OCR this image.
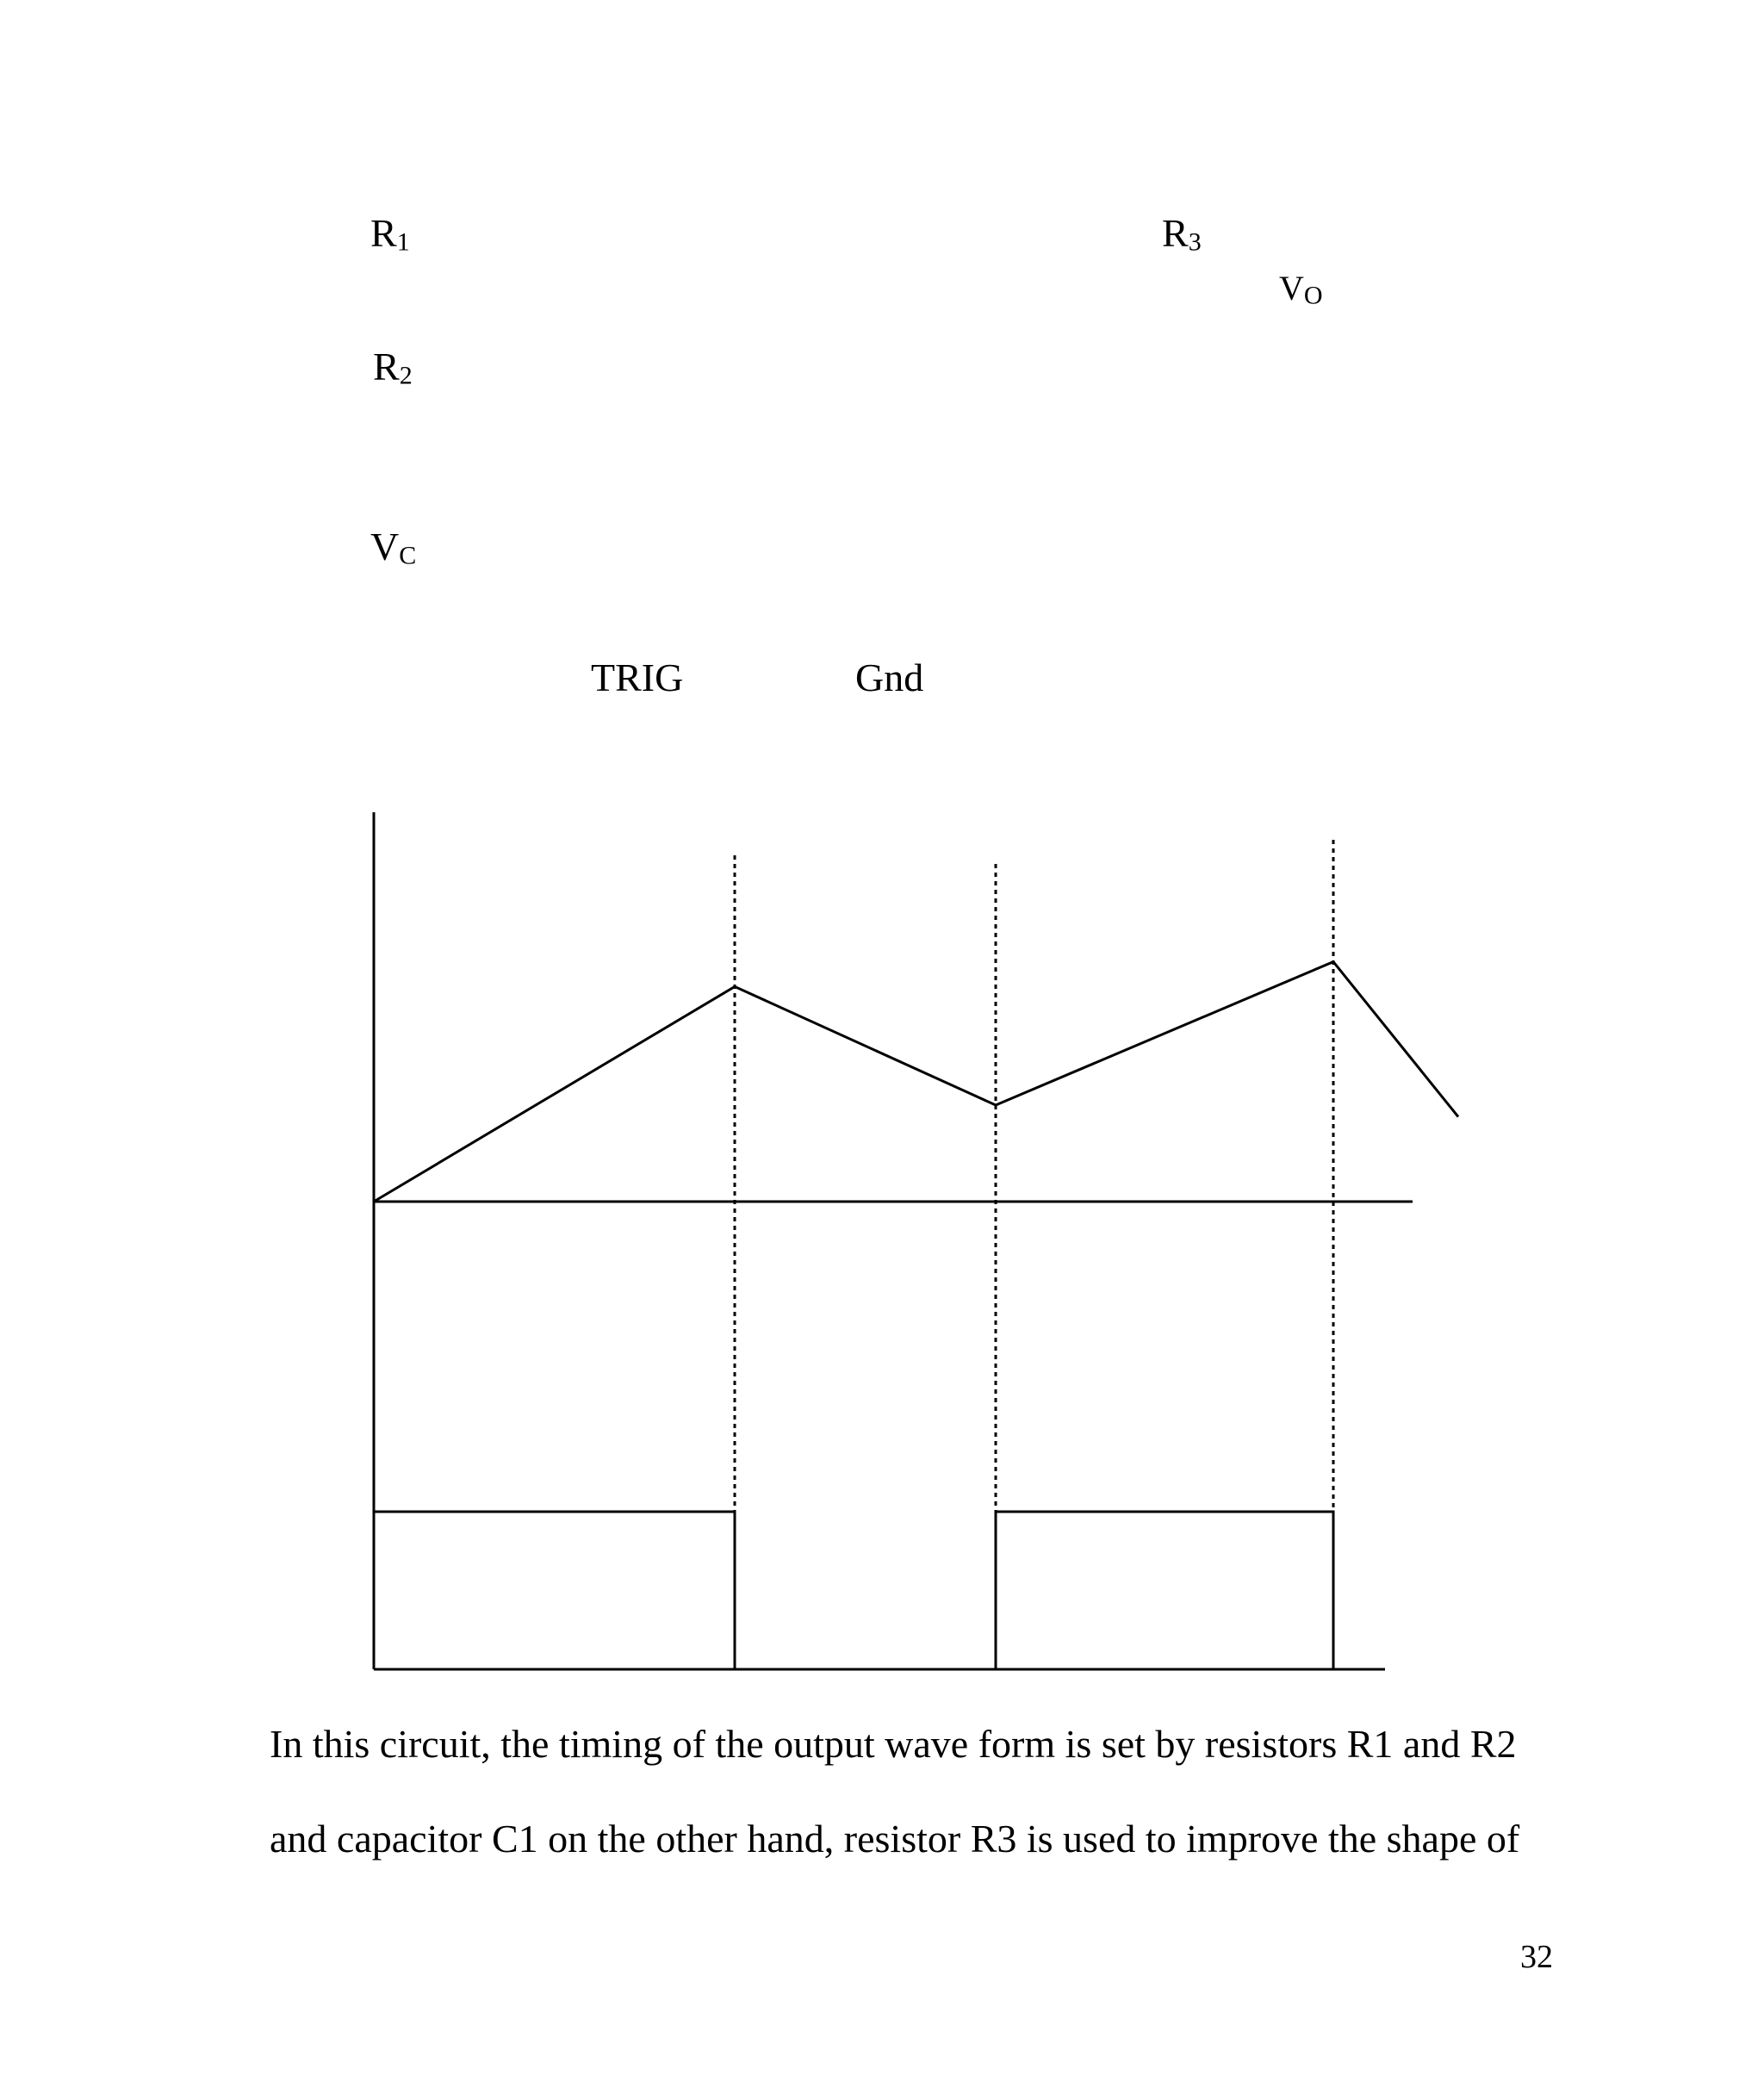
$R_1$	$R_3$
$V_O$
$R_2$
$V_C$
TRIG	Gnd
In this circuit, the timing of the output wave form is set by resistors R1 and R2
and capacitor C1 on the other hand, resistor R3 is used to improve the shape of
32
